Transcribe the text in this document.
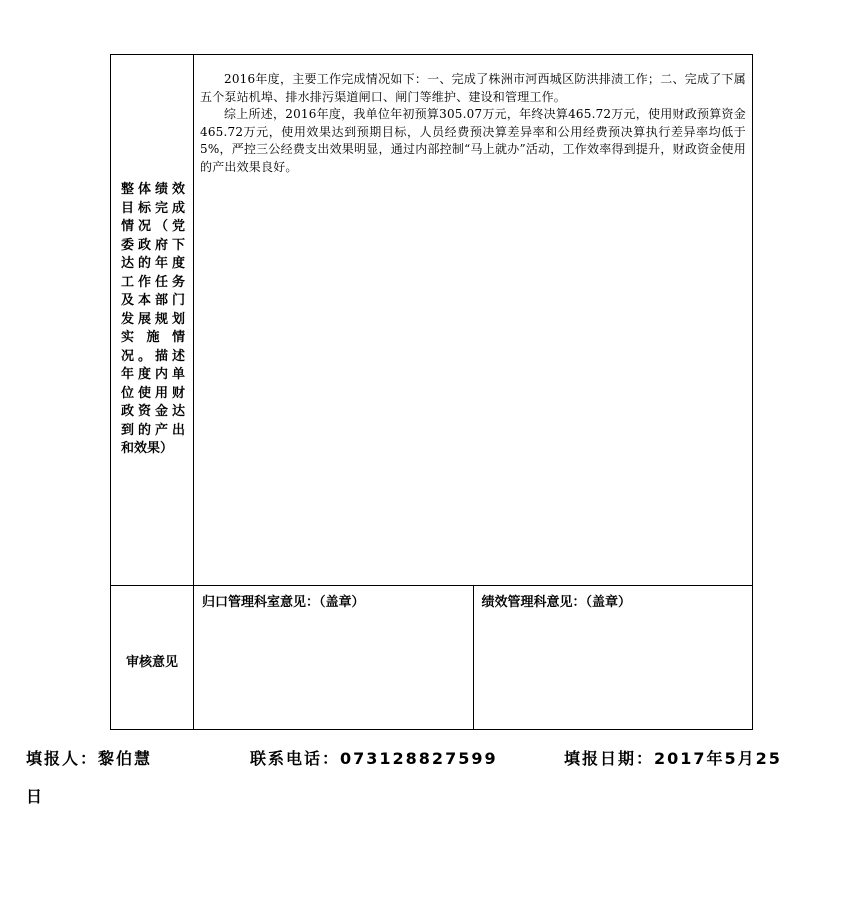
整体绩效目标完成情况（党委政府下达的年度工作任务及本部门发展规划实施情况。描述年度内单位使用财政资金达到的产出和效果）	2016年度，主要工作完成情况如下：一、完成了株洲市河西城区防洪排渍工作；二、完成了下属五个泵站机埠、排水排污渠道闸口、闸门等维护、建设和管理工作。

综上所述，2016年度，我单位年初预算305.07万元，年终决算465.72万元，使用财政预算资金465.72万元，使用效果达到预期目标，人员经费预决算差异率和公用经费预决算执行差异率均低于5%，严控三公经费支出效果明显，通过内部控制“马上就办”活动，工作效率得到提升，财政资金使用的产出效果良好。	

审核意见	归口管理科室意见：（盖章）	绩效管理科意见：（盖章）
填报人：黎伯慧	联系电话：073128827599	填报日期：2017年5月25
日
